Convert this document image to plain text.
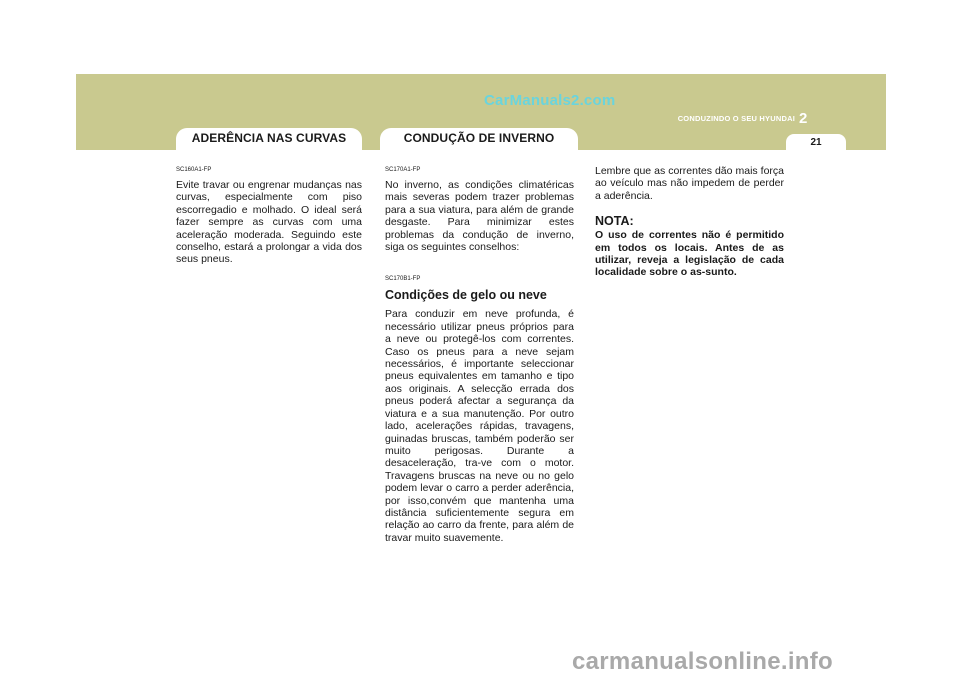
CarManuals2.com
CONDUZINDO O SEU HYUNDAI 2
21
ADERÊNCIA NAS CURVAS	CONDUÇÃO DE INVERNO
SC160A1-FP

Evite travar ou engrenar mudanças nas curvas, especialmente com piso escorregadio e molhado. O ideal será fazer sempre as curvas com uma aceleração moderada. Seguindo este conselho, estará a prolongar a vida dos seus pneus.

SC170A1-FP

No inverno, as condições climatéricas mais severas podem trazer problemas para a sua viatura, para além de grande desgaste. Para minimizar estes problemas da condução de inverno, siga os seguintes conselhos:

SC170B1-FP
Condições de gelo ou neve

Para conduzir em neve profunda, é necessário utilizar pneus próprios para a neve ou protegê-los com correntes. Caso os pneus para a neve sejam necessários, é importante seleccionar pneus equivalentes em tamanho e tipo aos originais. A selecção errada dos pneus poderá afectar a segurança da viatura e a sua manutenção. Por outro lado, acelerações rápidas, travagens, guinadas bruscas, também poderão ser muito perigosas. Durante a desaceleração, tra-ve com o motor. Travagens bruscas na neve ou no gelo podem levar o carro a perder aderência, por isso,convém que mantenha uma distância suficientemente segura em relação ao carro da frente, para além de travar muito suavemente.

Lembre que as correntes dão mais força ao veículo mas não impedem de perder a aderência.

NOTA:

O uso de correntes não é permitido em todos os locais. Antes de as utilizar, reveja a legislação de cada localidade sobre o as-sunto.

carmanualsonline.info
